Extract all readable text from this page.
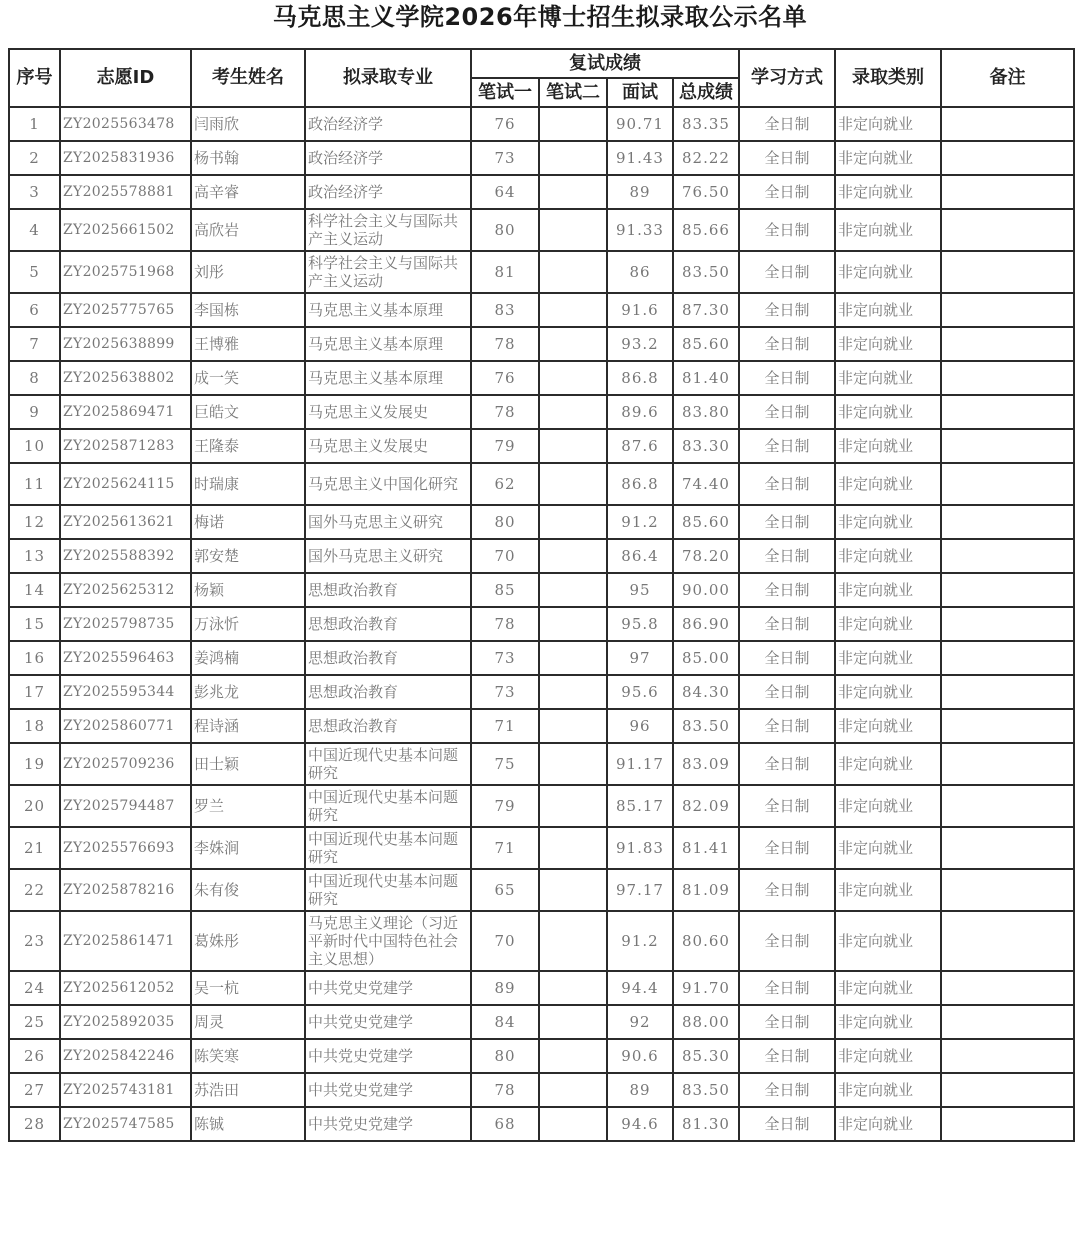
马克思主义学院2026年博士招生拟录取公示名单
序号	志愿ID	考生姓名	拟录取专业	复试成绩				学习方式	录取类别	备注
				笔试一	笔试二	面试	总成绩			
1	ZY2025563478	闫雨欣	政治经济学	76		90.71	83.35	全日制	非定向就业	
2	ZY2025831936	杨书翰	政治经济学	73		91.43	82.22	全日制	非定向就业	
3	ZY2025578881	高辛睿	政治经济学	64		89	76.50	全日制	非定向就业	
4	ZY2025661502	高欣岩	科学社会主义与国际共产主义运动	80		91.33	85.66	全日制	非定向就业	
5	ZY2025751968	刘彤	科学社会主义与国际共产主义运动	81		86	83.50	全日制	非定向就业	
6	ZY2025775765	李国栋	马克思主义基本原理	83		91.6	87.30	全日制	非定向就业	
7	ZY2025638899	王博雅	马克思主义基本原理	78		93.2	85.60	全日制	非定向就业	
8	ZY2025638802	成一笑	马克思主义基本原理	76		86.8	81.40	全日制	非定向就业	
9	ZY2025869471	巨皓文	马克思主义发展史	78		89.6	83.80	全日制	非定向就业	
10	ZY2025871283	王隆泰	马克思主义发展史	79		87.6	83.30	全日制	非定向就业	
11	ZY2025624115	时瑞康	马克思主义中国化研究	62		86.8	74.40	全日制	非定向就业	
12	ZY2025613621	梅诺	国外马克思主义研究	80		91.2	85.60	全日制	非定向就业	
13	ZY2025588392	郭安楚	国外马克思主义研究	70		86.4	78.20	全日制	非定向就业	
14	ZY2025625312	杨颖	思想政治教育	85		95	90.00	全日制	非定向就业	
15	ZY2025798735	万泳忻	思想政治教育	78		95.8	86.90	全日制	非定向就业	
16	ZY2025596463	姜鸿楠	思想政治教育	73		97	85.00	全日制	非定向就业	
17	ZY2025595344	彭兆龙	思想政治教育	73		95.6	84.30	全日制	非定向就业	
18	ZY2025860771	程诗涵	思想政治教育	71		96	83.50	全日制	非定向就业	
19	ZY2025709236	田士颖	中国近现代史基本问题研究	75		91.17	83.09	全日制	非定向就业	
20	ZY2025794487	罗兰	中国近现代史基本问题研究	79		85.17	82.09	全日制	非定向就业	
21	ZY2025576693	李姝涧	中国近现代史基本问题研究	71		91.83	81.41	全日制	非定向就业	
22	ZY2025878216	朱有俊	中国近现代史基本问题研究	65		97.17	81.09	全日制	非定向就业	
23	ZY2025861471	葛姝彤	马克思主义理论（习近平新时代中国特色社会主义思想）	70		91.2	80.60	全日制	非定向就业	
24	ZY2025612052	吴一杭	中共党史党建学	89		94.4	91.70	全日制	非定向就业	
25	ZY2025892035	周灵	中共党史党建学	84		92	88.00	全日制	非定向就业	
26	ZY2025842246	陈笑寒	中共党史党建学	80		90.6	85.30	全日制	非定向就业	
27	ZY2025743181	苏浩田	中共党史党建学	78		89	83.50	全日制	非定向就业	
28	ZY2025747585	陈铖	中共党史党建学	68		94.6	81.30	全日制	非定向就业	
